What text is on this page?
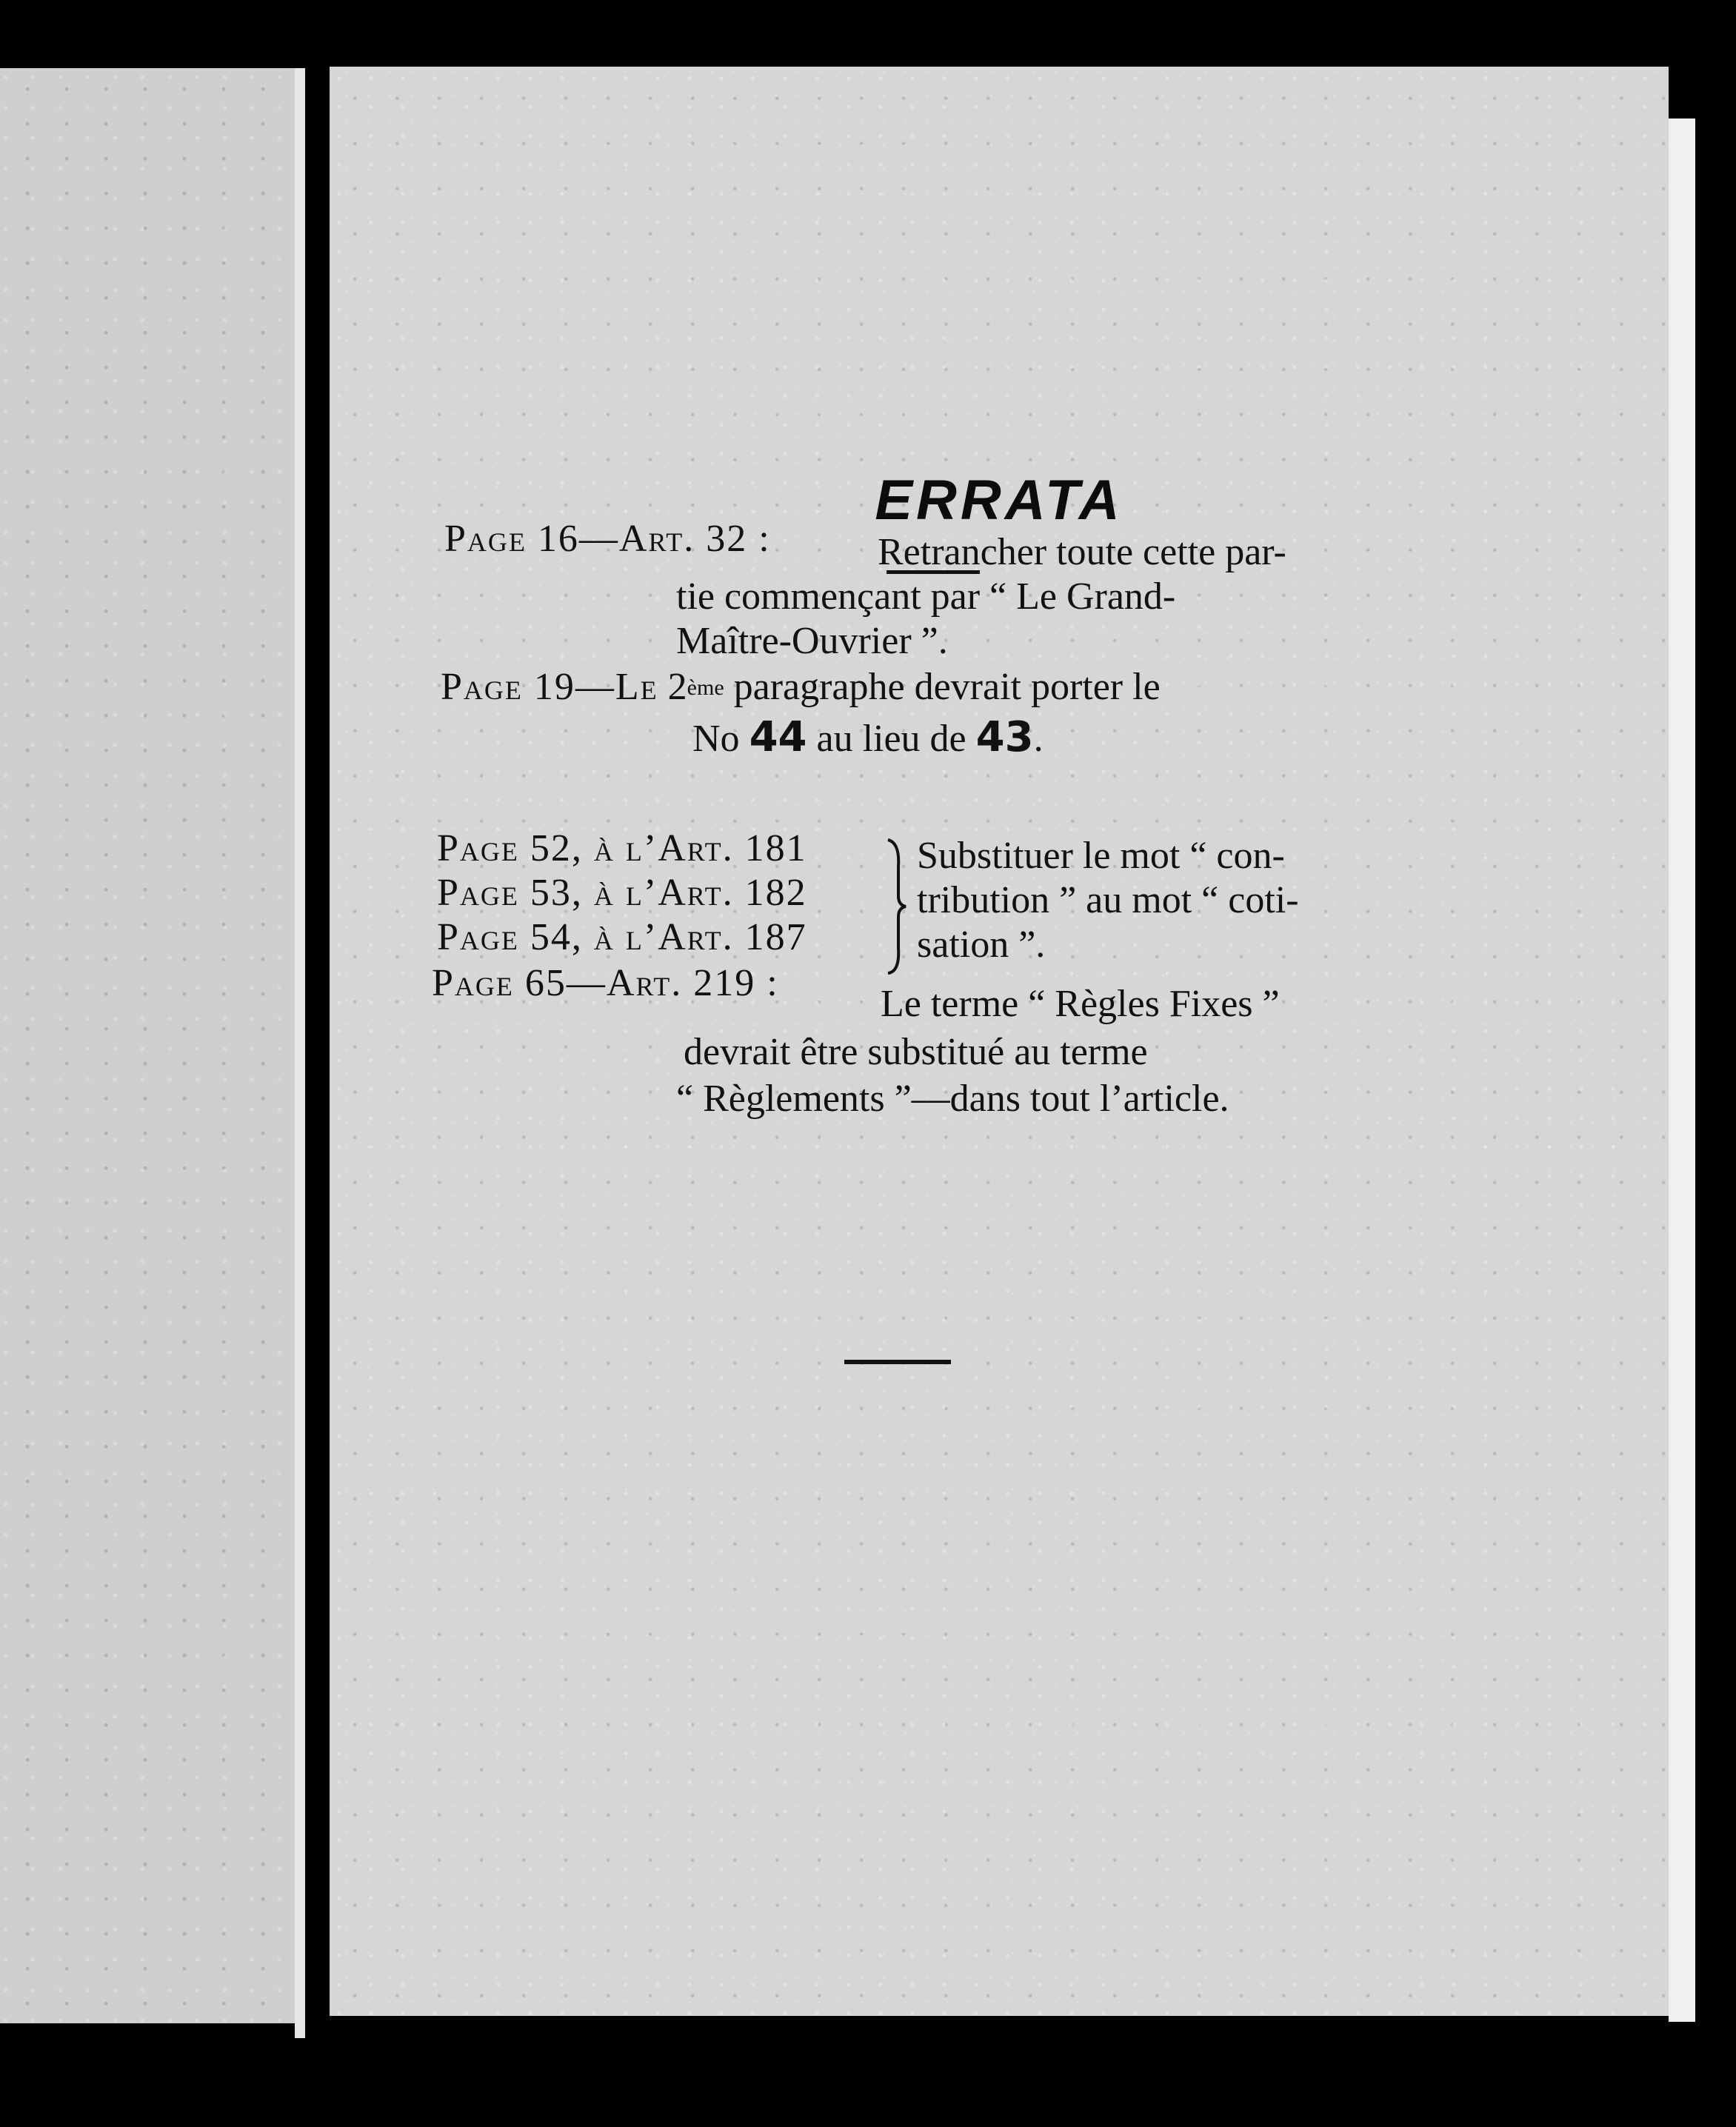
ERRATA
Page 16—Art. 32 :	Retrancher toute cette par-
tie commençant par “ Le Grand-
Maître-Ouvrier ”.
Page 19—Le 2ème paragraphe devrait porter le
No 44 au lieu de 43.
Page 52, à l’Art. 181
Page 53, à l’Art. 182
Page 54, à l’Art. 187
Substituer le mot “ con-
tribution ” au mot “ coti-
sation ”.
Page 65—Art. 219 :	Le terme “ Règles Fixes ”
devrait être substitué au terme
“ Règlements ”—dans tout l’article.
